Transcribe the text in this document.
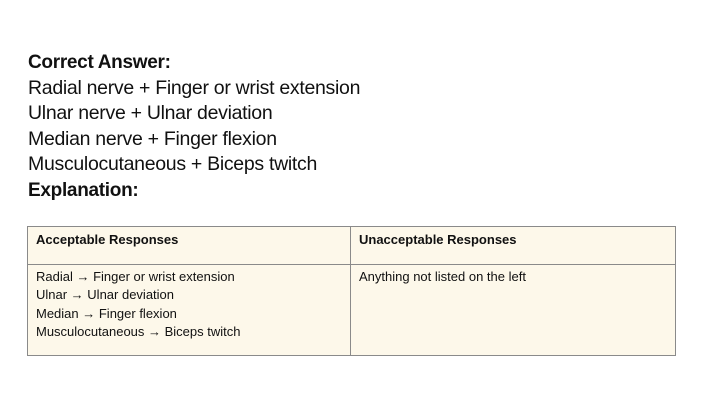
Correct Answer:
Radial nerve + Finger or wrist extension
Ulnar nerve + Ulnar deviation
Median nerve + Finger flexion
Musculocutaneous + Biceps twitch
Explanation:
Acceptable Responses	Unacceptable Responses

Radial → Finger or wrist extension
Ulnar → Ulnar deviation
Median → Finger flexion
Musculocutaneous → Biceps twitch	Anything not listed on the left
